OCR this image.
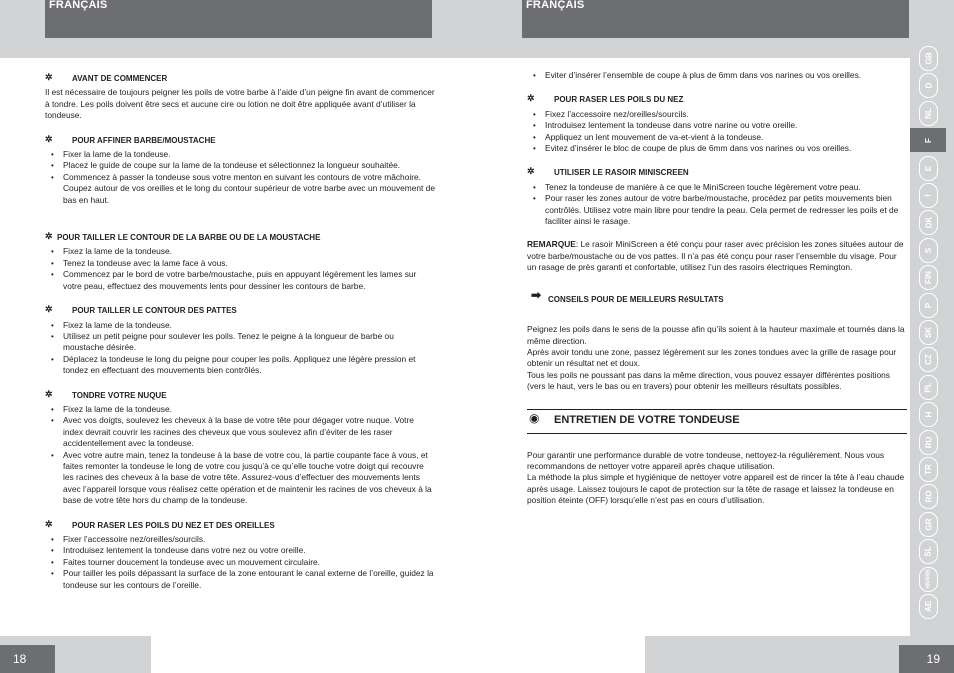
FRANÇAIS	FRANÇAIS
✲	AVANT DE COMMENCER

Il est nécessaire de toujours peigner les poils de votre barbe à l’aide d’un peigne fin avant de commencer à tondre. Les poils doivent être secs et aucune cire ou lotion ne doit être appliquée avant d’utiliser la tondeuse.

✲	POUR AFFINER BARBE/MOUSTACHE
• Fixer la lame de la tondeuse.
• Placez le guide de coupe sur la lame de la tondeuse et sélectionnez la longueur souhaitée.
• Commencez à passer la tondeuse sous votre menton en suivant les contours de votre mâchoire. Coupez autour de vos oreilles et le long du contour supérieur de votre barbe avec un mouvement de bas en haut.
✲ POUR TAILLER LE CONTOUR DE LA BARBE OU DE LA MOUSTACHE
• Fixez la lame de la tondeuse.
• Tenez la tondeuse avec la lame face à vous.
• Commencez par le bord de votre barbe/moustache, puis en appuyant légèrement les lames sur votre peau, effectuez des mouvements lents pour dessiner les contours de barbe.
✲	POUR TAILLER LE CONTOUR DES PATTES
• Fixez la lame de la tondeuse.
• Utilisez un petit peigne pour soulever les poils. Tenez le peigne à la longueur de barbe ou moustache désirée.
• Déplacez la tondeuse le long du peigne pour couper les poils. Appliquez une légère pression et tondez en effectuant des mouvements bien contrôlés.
✲	TONDRE VOTRE NUQUE
• Fixez la lame de la tondeuse.
• Avec vos doigts, soulevez les cheveux à la base de votre tête pour dégager votre nuque. Votre index devrait couvrir les racines des cheveux que vous soulevez afin d’éviter de les raser accidentellement avec la tondeuse.
• Avec votre autre main, tenez la tondeuse à la base de votre cou, la partie coupante face à vous, et faites remonter la tondeuse le long de votre cou jusqu’à ce qu’elle touche votre doigt qui recouvre les racines des cheveux à la base de votre tête. Assurez-vous d’effectuer des mouvements lents avec l’appareil lorsque vous réalisez cette opération et de maintenir les racines de vos cheveux à la base de votre tête hors du champ de la tondeuse.
✲	POUR RASER LES POILS DU NEZ ET DES OREILLES
• Fixer l’accessoire nez/oreilles/sourcils.
• Introduisez lentement la tondeuse dans votre nez ou votre oreille.
• Faites tourner doucement la tondeuse avec un mouvement circulaire.
• Pour tailler les poils dépassant la surface de la zone entourant le canal externe de l’oreille, guidez la tondeuse sur les contours de l’oreille.
• Eviter d’insérer l’ensemble de coupe à plus de 6mm dans vos narines ou vos oreilles.
✲	POUR RASER LES POILS DU NEZ
• Fixez l’accessoire nez/oreilles/sourcils.
• Introduisez lentement la tondeuse dans votre narine ou votre oreille.
• Appliquez un lent mouvement de va-et-vient à la tondeuse.
• Evitez d’insérer le bloc de coupe de plus de 6mm dans vos narines ou vos oreilles.
✲	UTILISER LE RASOIR MINISCREEN
• Tenez la tondeuse de manière à ce que le MiniScreen touche légèrement votre peau.
• Pour raser les zones autour de votre barbe/moustache, procédez par petits mouvements bien contrôlés. Utilisez votre main libre pour tendre la peau. Cela permet de redresser les poils et de faciliter ainsi le rasage.

REMARQUE: Le rasoir MiniScreen a été conçu pour raser avec précision les zones situées autour de votre barbe/moustache ou de vos pattes. Il n’a pas été conçu pour raser l’ensemble du visage. Pour un rasage de près garanti et confortable, utilisez l’un des rasoirs électriques Remington.

➡ CONSEILS POUR DE MEILLEURS RéSULTATS

Peignez les poils dans le sens de la pousse afin qu’ils soient à la hauteur maximale et tournés dans la même direction.

Après avoir tondu une zone, passez légèrement sur les zones tondues avec la grille de rasage pour obtenir un résultat net et doux.

Tous les poils ne poussant pas dans la même direction, vous pouvez essayer différentes positions (vers le haut, vers le bas ou en travers) pour obtenir les meilleurs résultats possibles.

◉ ENTRETIEN DE VOTRE TONDEUSE

Pour garantir une performance durable de votre tondeuse, nettoyez-la régulièrement. Nous vous recommandons de nettoyer votre appareil après chaque utilisation.

La méthode la plus simple et hygiénique de nettoyer votre appareil est de rincer la tête à l’eau chaude après usage. Laissez toujours le capot de protection sur la tête de rasage et laissez la tondeuse en position éteinte (OFF) lorsqu’elle n’est pas en cours d’utilisation.

GB
D
NL
F
E
I
DK
S
FIN
P
SK
CZ
PL
H
RU
TR
RO
GR
SL
HR/SRB
AE
18	19
